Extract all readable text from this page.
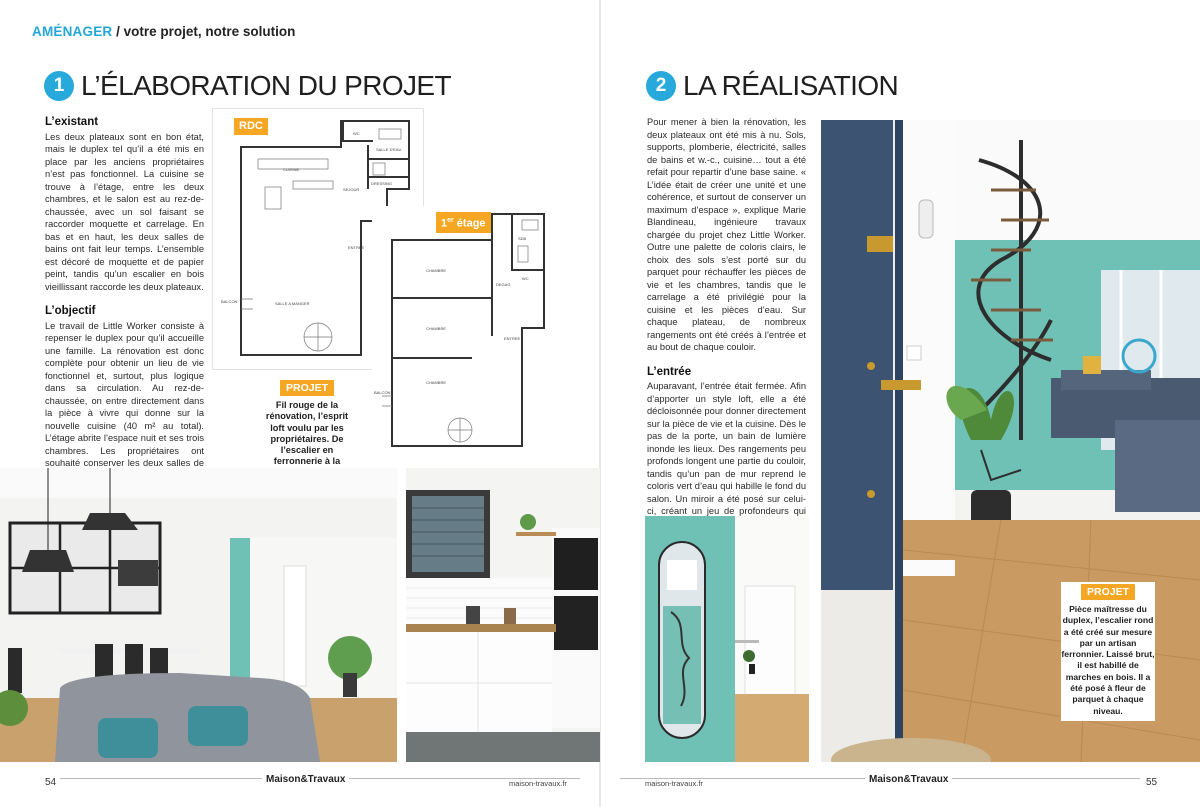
AMÉNAGER / votre projet, notre solution
1 L’ÉLABORATION DU PROJET
L’existant

Les deux plateaux sont en bon état, mais le duplex tel qu’il a été mis en place par les anciens propriétaires n’est pas fonctionnel. La cuisine se trouve à l’étage, entre les deux chambres, et le salon est au rez-de-chaussée, avec un sol faisant se raccorder moquette et carrelage. En bas et en haut, les deux salles de bains ont fait leur temps. L’ensemble est décoré de moquette et de papier peint, tandis qu’un escalier en bois vieillissant raccorde les deux plateaux.

L’objectif

Le travail de Little Worker consiste à repenser le duplex pour qu’il accueille une famille. La rénovation est donc complète pour obtenir un lieu de vie fonctionnel et, surtout, plus logique dans sa circulation. Au rez-de-chaussée, on entre directement dans la pièce à vivre qui donne sur la nouvelle cuisine (40 m² au total). L’étage abrite l’espace nuit et ses trois chambres. Les propriétaires ont souhaité conserver les deux salles de

CUISINE
SALLE A MANGER
SEJOUR
ENTREE
BALCON
SALLE D'EAU
DRESSING
WC
RDC
CHAMBRE
CHAMBRE
CHAMBRE
SDB
DEGAG
ENTREE
BALCON
WC
1er étage
PROJET
Fil rouge de la rénovation, l’esprit loft voulu par les propriétaires. De l’escalier en ferronnerie à la
54	Maison&Travaux	maison-travaux.fr
2 LA RÉALISATION

Pour mener à bien la rénovation, les deux plateaux ont été mis à nu. Sols, supports, plomberie, électricité, salles de bains et w.-c., cuisine… tout a été refait pour repartir d’une base saine. « L’idée était de créer une unité et une cohérence, et surtout de conserver un maximum d’espace », explique Marie Blandineau, ingénieure travaux chargée du projet chez Little Worker. Outre une palette de coloris clairs, le choix des sols s’est porté sur du parquet pour réchauffer les pièces de vie et les chambres, tandis que le carrelage a été privilégié pour la cuisine et les pièces d’eau. Sur chaque plateau, de nombreux rangements ont été créés à l’entrée et au bout de chaque couloir.

L’entrée

Auparavant, l’entrée était fermée. Afin d’apporter un style loft, elle a été décloisonnée pour donner directement sur la pièce de vie et la cuisine. Dès le pas de la porte, un bain de lumière inonde les lieux. Des rangements peu profonds longent une partie du couloir, tandis qu’un pan de mur reprend le coloris vert d’eau qui habille le fond du salon. Un miroir a été posé sur celui-ci, créant un jeu de profondeurs qui

PROJET
Pièce maîtresse du duplex, l’escalier rond a été créé sur mesure par un artisan ferronnier. Laissé brut, il est habillé de marches en bois. Il a été posé à fleur de parquet à chaque niveau.
maison-travaux.fr	Maison&Travaux	55
